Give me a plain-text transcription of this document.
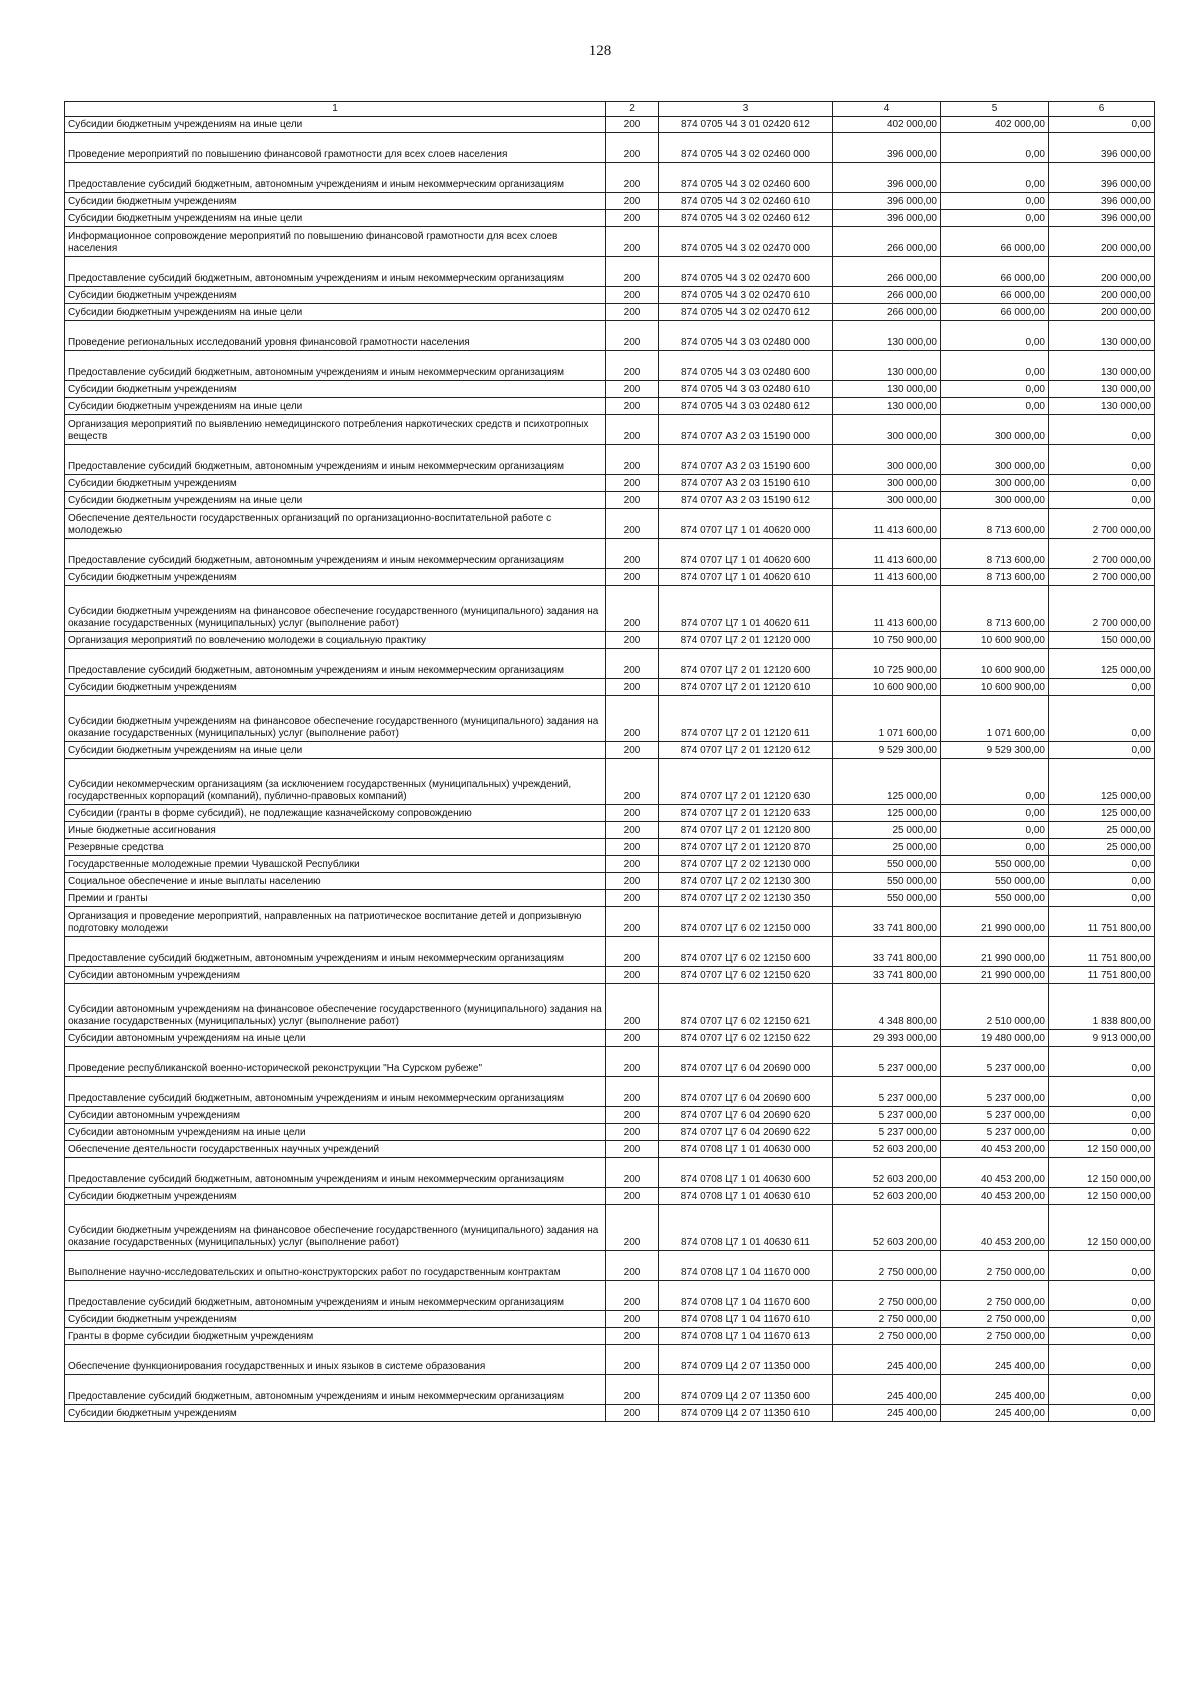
128
1	2	3	4	5	6
Субсидии бюджетным учреждениям на иные цели	200	874 0705 Ч4 3 01 02420 612	402 000,00	402 000,00	0,00
Проведение мероприятий по повышению финансовой грамотности для всех слоев населения	200	874 0705 Ч4 3 02 02460 000	396 000,00	0,00	396 000,00
Предоставление субсидий бюджетным, автономным учреждениям и иным некоммерческим организациям	200	874 0705 Ч4 3 02 02460 600	396 000,00	0,00	396 000,00
Субсидии бюджетным учреждениям	200	874 0705 Ч4 3 02 02460 610	396 000,00	0,00	396 000,00
Субсидии бюджетным учреждениям на иные цели	200	874 0705 Ч4 3 02 02460 612	396 000,00	0,00	396 000,00
Информационное сопровождение мероприятий по повышению финансовой грамотности для всех слоев населения	200	874 0705 Ч4 3 02 02470 000	266 000,00	66 000,00	200 000,00
Предоставление субсидий бюджетным, автономным учреждениям и иным некоммерческим организациям	200	874 0705 Ч4 3 02 02470 600	266 000,00	66 000,00	200 000,00
Субсидии бюджетным учреждениям	200	874 0705 Ч4 3 02 02470 610	266 000,00	66 000,00	200 000,00
Субсидии бюджетным учреждениям на иные цели	200	874 0705 Ч4 3 02 02470 612	266 000,00	66 000,00	200 000,00
Проведение региональных исследований уровня финансовой грамотности населения	200	874 0705 Ч4 3 03 02480 000	130 000,00	0,00	130 000,00
Предоставление субсидий бюджетным, автономным учреждениям и иным некоммерческим организациям	200	874 0705 Ч4 3 03 02480 600	130 000,00	0,00	130 000,00
Субсидии бюджетным учреждениям	200	874 0705 Ч4 3 03 02480 610	130 000,00	0,00	130 000,00
Субсидии бюджетным учреждениям на иные цели	200	874 0705 Ч4 3 03 02480 612	130 000,00	0,00	130 000,00
Организация мероприятий по выявлению немедицинского потребления наркотических средств и психотропных веществ	200	874 0707 А3 2 03 15190 000	300 000,00	300 000,00	0,00
Предоставление субсидий бюджетным, автономным учреждениям и иным некоммерческим организациям	200	874 0707 А3 2 03 15190 600	300 000,00	300 000,00	0,00
Субсидии бюджетным учреждениям	200	874 0707 А3 2 03 15190 610	300 000,00	300 000,00	0,00
Субсидии бюджетным учреждениям на иные цели	200	874 0707 А3 2 03 15190 612	300 000,00	300 000,00	0,00
Обеспечение деятельности государственных организаций по организационно-воспитательной работе с молодежью	200	874 0707 Ц7 1 01 40620 000	11 413 600,00	8 713 600,00	2 700 000,00
Предоставление субсидий бюджетным, автономным учреждениям и иным некоммерческим организациям	200	874 0707 Ц7 1 01 40620 600	11 413 600,00	8 713 600,00	2 700 000,00
Субсидии бюджетным учреждениям	200	874 0707 Ц7 1 01 40620 610	11 413 600,00	8 713 600,00	2 700 000,00
Субсидии бюджетным учреждениям на финансовое обеспечение государственного (муниципального) задания на оказание государственных (муниципальных) услуг (выполнение работ)	200	874 0707 Ц7 1 01 40620 611	11 413 600,00	8 713 600,00	2 700 000,00
Организация мероприятий по вовлечению молодежи в социальную практику	200	874 0707 Ц7 2 01 12120 000	10 750 900,00	10 600 900,00	150 000,00
Предоставление субсидий бюджетным, автономным учреждениям и иным некоммерческим организациям	200	874 0707 Ц7 2 01 12120 600	10 725 900,00	10 600 900,00	125 000,00
Субсидии бюджетным учреждениям	200	874 0707 Ц7 2 01 12120 610	10 600 900,00	10 600 900,00	0,00
Субсидии бюджетным учреждениям на финансовое обеспечение государственного (муниципального) задания на оказание государственных (муниципальных) услуг (выполнение работ)	200	874 0707 Ц7 2 01 12120 611	1 071 600,00	1 071 600,00	0,00
Субсидии бюджетным учреждениям на иные цели	200	874 0707 Ц7 2 01 12120 612	9 529 300,00	9 529 300,00	0,00
Субсидии некоммерческим организациям (за исключением государственных (муниципальных) учреждений, государственных корпораций (компаний), публично-правовых компаний)	200	874 0707 Ц7 2 01 12120 630	125 000,00	0,00	125 000,00
Субсидии (гранты в форме субсидий), не подлежащие казначейскому сопровождению	200	874 0707 Ц7 2 01 12120 633	125 000,00	0,00	125 000,00
Иные бюджетные ассигнования	200	874 0707 Ц7 2 01 12120 800	25 000,00	0,00	25 000,00
Резервные средства	200	874 0707 Ц7 2 01 12120 870	25 000,00	0,00	25 000,00
Государственные молодежные премии Чувашской Республики	200	874 0707 Ц7 2 02 12130 000	550 000,00	550 000,00	0,00
Социальное обеспечение и иные выплаты населению	200	874 0707 Ц7 2 02 12130 300	550 000,00	550 000,00	0,00
Премии и гранты	200	874 0707 Ц7 2 02 12130 350	550 000,00	550 000,00	0,00
Организация и проведение мероприятий, направленных на патриотическое воспитание детей и допризывную подготовку молодежи	200	874 0707 Ц7 6 02 12150 000	33 741 800,00	21 990 000,00	11 751 800,00
Предоставление субсидий бюджетным, автономным учреждениям и иным некоммерческим организациям	200	874 0707 Ц7 6 02 12150 600	33 741 800,00	21 990 000,00	11 751 800,00
Субсидии автономным учреждениям	200	874 0707 Ц7 6 02 12150 620	33 741 800,00	21 990 000,00	11 751 800,00
Субсидии автономным учреждениям на финансовое обеспечение государственного (муниципального) задания на оказание государственных (муниципальных) услуг (выполнение работ)	200	874 0707 Ц7 6 02 12150 621	4 348 800,00	2 510 000,00	1 838 800,00
Субсидии автономным учреждениям на иные цели	200	874 0707 Ц7 6 02 12150 622	29 393 000,00	19 480 000,00	9 913 000,00
Проведение республиканской военно-исторической реконструкции "На Сурском рубеже"	200	874 0707 Ц7 6 04 20690 000	5 237 000,00	5 237 000,00	0,00
Предоставление субсидий бюджетным, автономным учреждениям и иным некоммерческим организациям	200	874 0707 Ц7 6 04 20690 600	5 237 000,00	5 237 000,00	0,00
Субсидии автономным учреждениям	200	874 0707 Ц7 6 04 20690 620	5 237 000,00	5 237 000,00	0,00
Субсидии автономным учреждениям на иные цели	200	874 0707 Ц7 6 04 20690 622	5 237 000,00	5 237 000,00	0,00
Обеспечение деятельности государственных научных учреждений	200	874 0708 Ц7 1 01 40630 000	52 603 200,00	40 453 200,00	12 150 000,00
Предоставление субсидий бюджетным, автономным учреждениям и иным некоммерческим организациям	200	874 0708 Ц7 1 01 40630 600	52 603 200,00	40 453 200,00	12 150 000,00
Субсидии бюджетным учреждениям	200	874 0708 Ц7 1 01 40630 610	52 603 200,00	40 453 200,00	12 150 000,00
Субсидии бюджетным учреждениям на финансовое обеспечение государственного (муниципального) задания на оказание государственных (муниципальных) услуг (выполнение работ)	200	874 0708 Ц7 1 01 40630 611	52 603 200,00	40 453 200,00	12 150 000,00
Выполнение научно-исследовательских и опытно-конструкторских работ по государственным контрактам	200	874 0708 Ц7 1 04 11670 000	2 750 000,00	2 750 000,00	0,00
Предоставление субсидий бюджетным, автономным учреждениям и иным некоммерческим организациям	200	874 0708 Ц7 1 04 11670 600	2 750 000,00	2 750 000,00	0,00
Субсидии бюджетным учреждениям	200	874 0708 Ц7 1 04 11670 610	2 750 000,00	2 750 000,00	0,00
Гранты в форме субсидии бюджетным учреждениям	200	874 0708 Ц7 1 04 11670 613	2 750 000,00	2 750 000,00	0,00
Обеспечение функционирования государственных и иных языков в системе образования	200	874 0709 Ц4 2 07 11350 000	245 400,00	245 400,00	0,00
Предоставление субсидий бюджетным, автономным учреждениям и иным некоммерческим организациям	200	874 0709 Ц4 2 07 11350 600	245 400,00	245 400,00	0,00
Субсидии бюджетным учреждениям	200	874 0709 Ц4 2 07 11350 610	245 400,00	245 400,00	0,00
